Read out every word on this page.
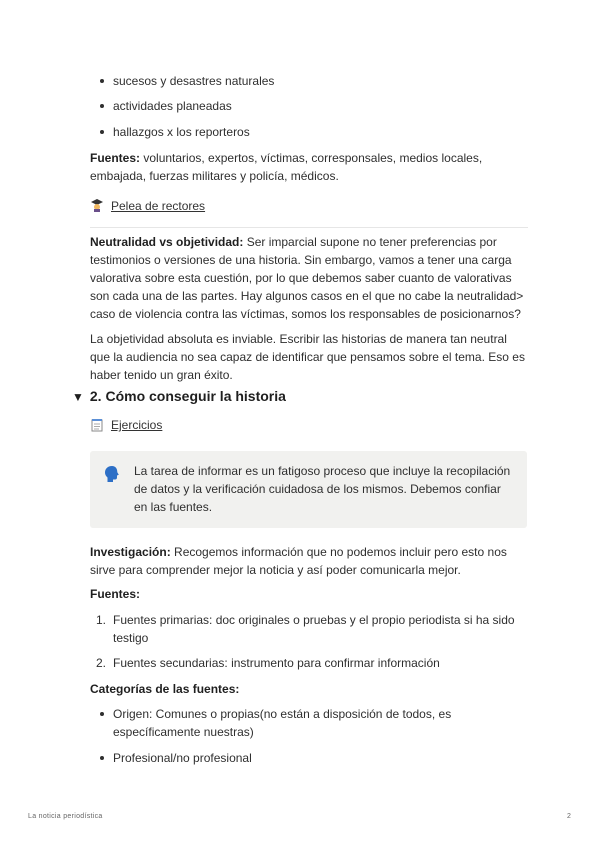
sucesos y desastres naturales
actividades planeadas
hallazgos x los reporteros

Fuentes: voluntarios, expertos, víctimas, corresponsales, medios locales, embajada, fuerzas militares y policía, médicos.

Pelea de rectores

Neutralidad vs objetividad: Ser imparcial supone no tener preferencias por testimonios o versiones de una historia. Sin embargo, vamos a tener una carga valorativa sobre esta cuestión, por lo que debemos saber cuanto de valorativas son cada una de las partes. Hay algunos casos en el que no cabe la neutralidad> caso de violencia contra las víctimas, somos los responsables de posicionarnos?

La objetividad absoluta es inviable. Escribir las historias de manera tan neutral que la audiencia no sea capaz de identificar que pensamos sobre el tema. Eso es haber tenido un gran éxito.

▼ 2. Cómo conseguir la historia
Ejercicios
La tarea de informar es un fatigoso proceso que incluye la recopilación de datos y la verificación cuidadosa de los mismos. Debemos confiar en las fuentes.

Investigación: Recogemos información que no podemos incluir pero esto nos sirve para comprender mejor la noticia y así poder comunicarla mejor.

Fuentes:

1. Fuentes primarias: doc originales o pruebas y el propio periodista si ha sido testigo
2. Fuentes secundarias: instrumento para confirmar información

Categorías de las fuentes:

Origen: Comunes o propias(no están a disposición de todos, es específicamente nuestras)
Profesional/no profesional
La noticia periodística	2
